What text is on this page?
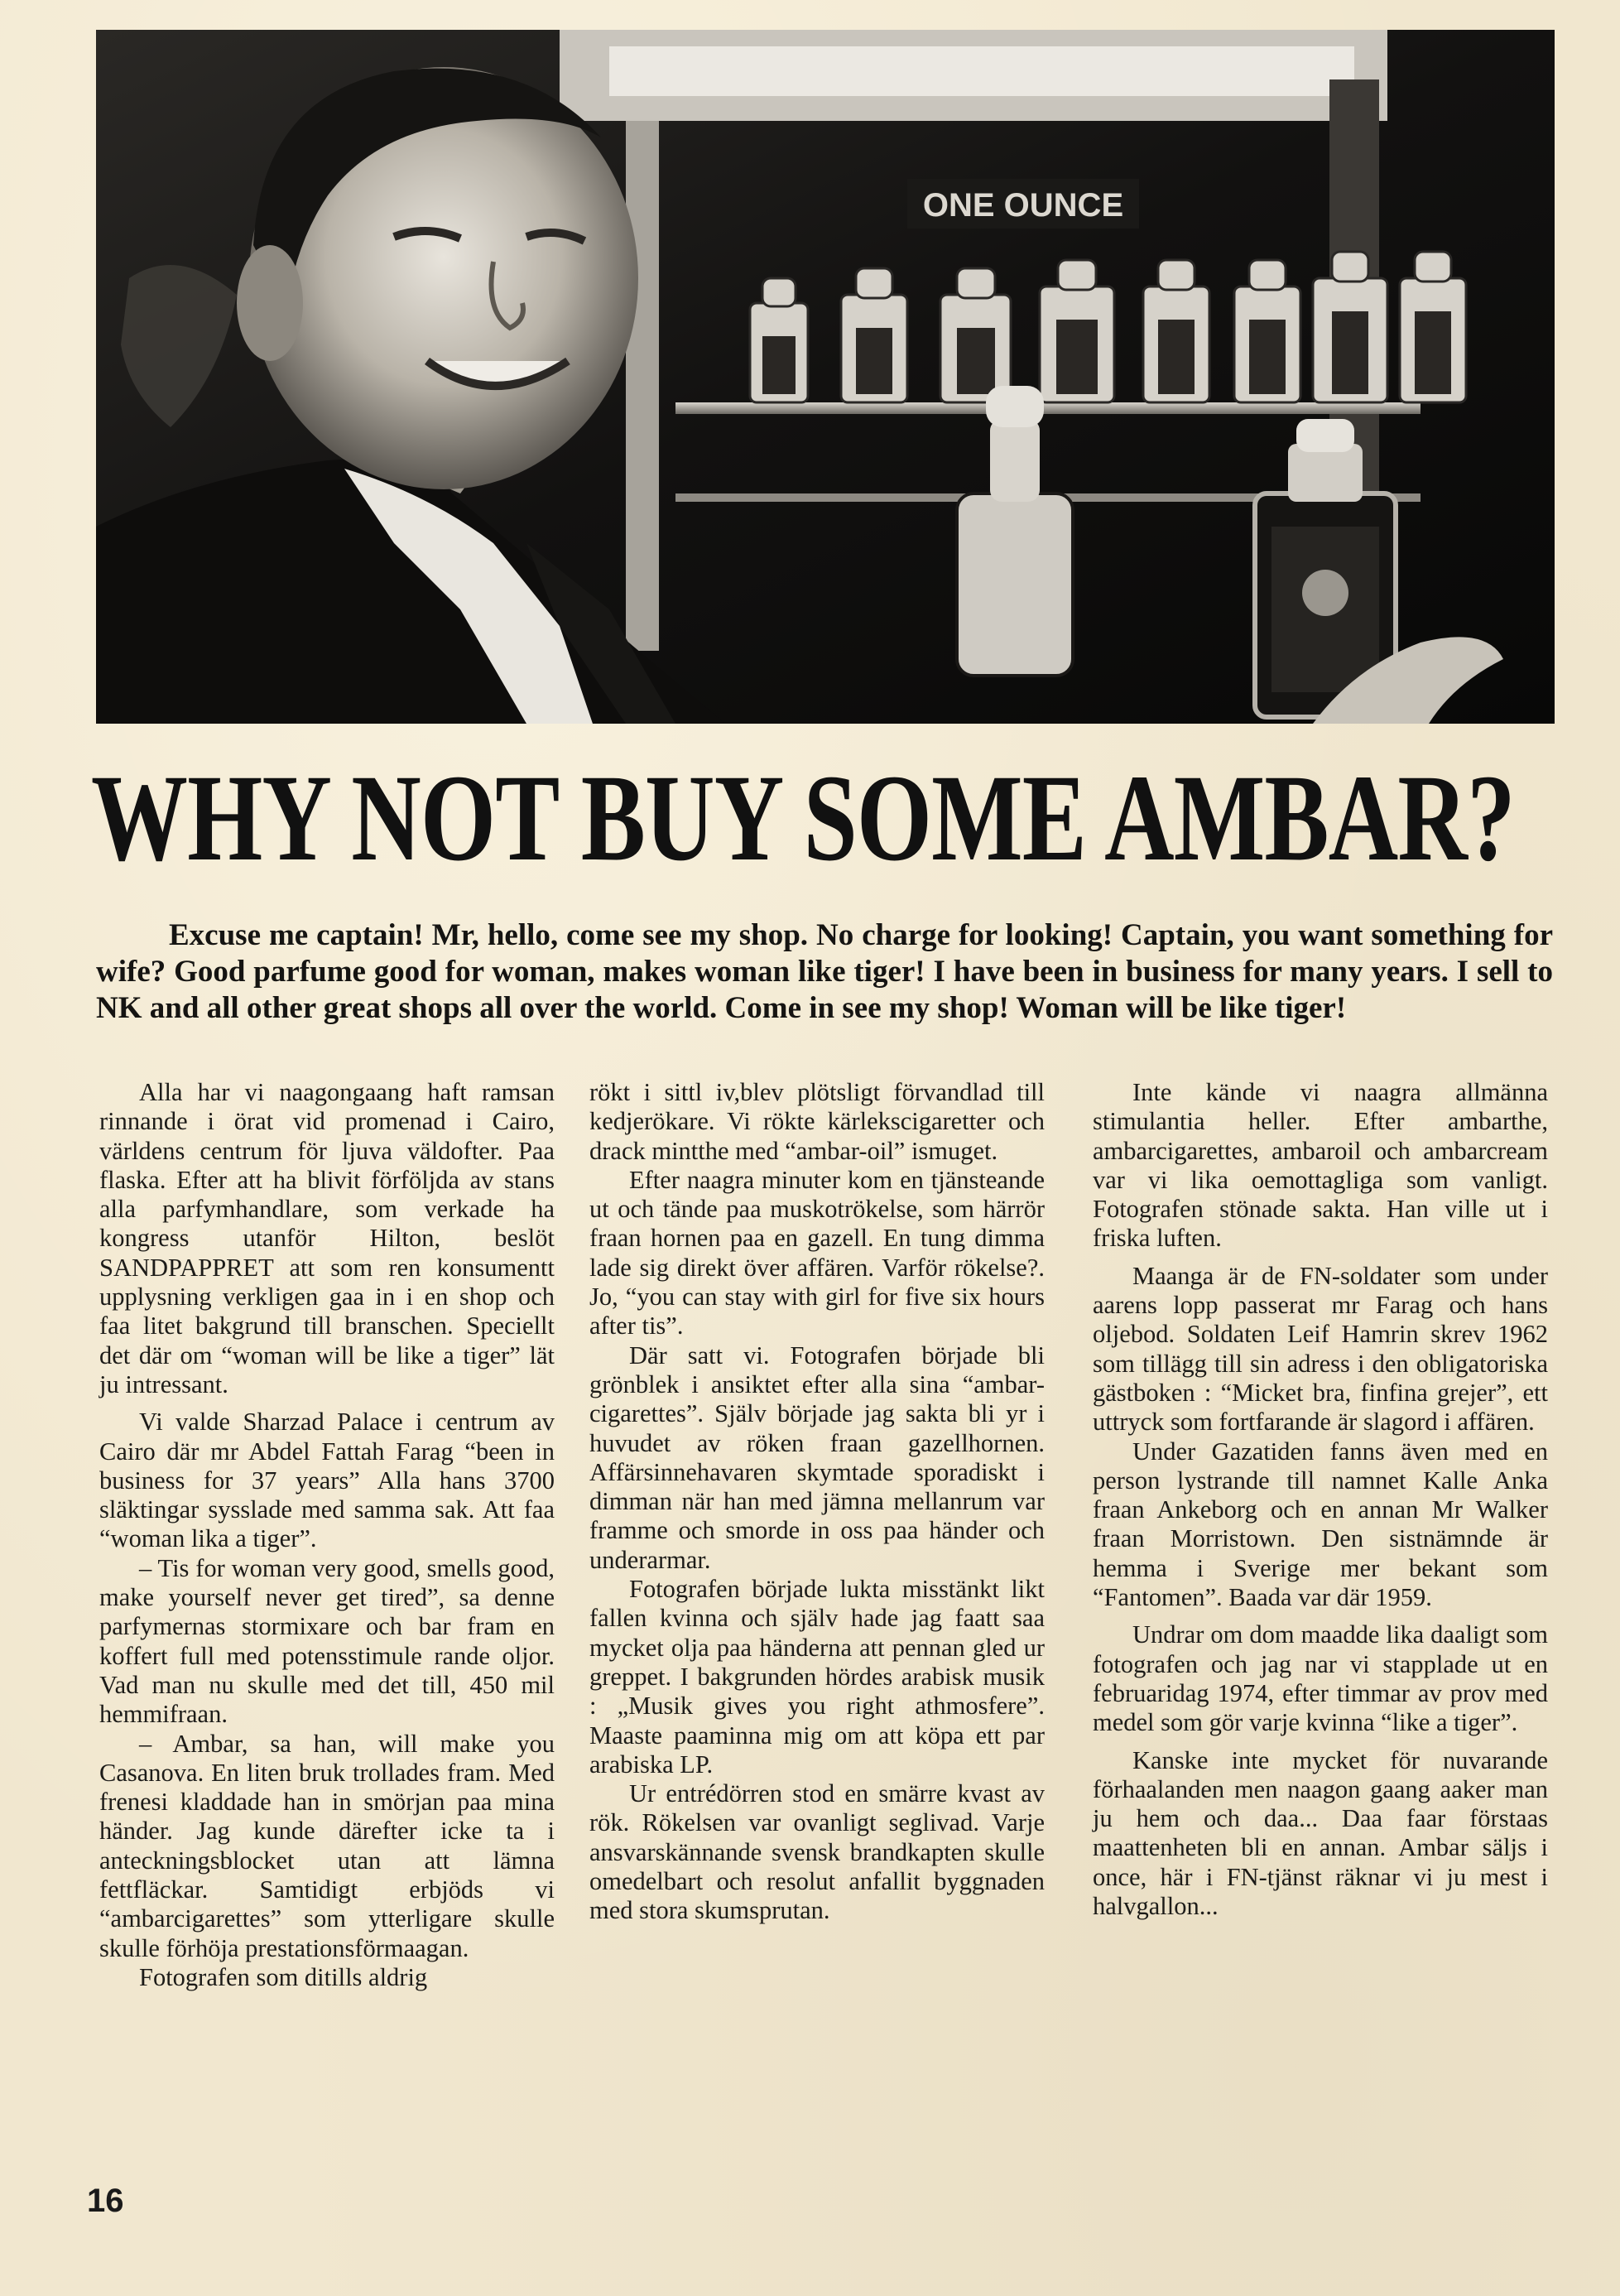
ONE OUNCE
WHY NOT BUY SOME AMBAR?

Excuse me captain! Mr, hello, come see my shop. No charge for looking! Captain, you want something for wife? Good parfume good for woman, makes woman like tiger! I have been in business for many years. I sell to NK and all other great shops all over the world. Come in see my shop! Woman will be like tiger!

Alla har vi naagongaang haft ramsan rinnande i örat vid promenad i Cairo, världens centrum för ljuva väldofter. Paa flaska. Efter att ha blivit förföljda av stans alla parfymhandlare, som verkade ha kongress utanför Hilton, beslöt SANDPAPPRET att som ren konsumentt upplysning verkligen gaa in i en shop och faa litet bakgrund till branschen. Speciellt det där om “woman will be like a tiger” lät ju intressant.

Vi valde Sharzad Palace i centrum av Cairo där mr Abdel Fattah Farag “been in business for 37 years” Alla hans 3700 släktingar sysslade med samma sak. Att faa “woman lika a tiger”.

– Tis for woman very good, smells good, make yourself never get tired”, sa denne parfymernas stormixare och bar fram en koffert full med potensstimule rande oljor. Vad man nu skulle med det till, 450 mil hemmifraan.

– Ambar, sa han, will make you Casanova. En liten bruk trollades fram. Med frenesi kladdade han in smörjan paa mina händer. Jag kunde därefter icke ta i anteckningsblocket utan att lämna fettfläckar. Samtidigt erbjöds vi “ambarcigarettes” som ytterligare skulle skulle förhöja prestationsförmaagan.

Fotografen som ditills aldrig

rökt i sittl iv,blev plötsligt förvandlad till kedjerökare. Vi rökte kärlekscigaretter och drack mintthe med “ambar-oil” ismuget.

Efter naagra minuter kom en tjänsteande ut och tände paa muskotrökelse, som härrör fraan hornen paa en gazell. En tung dimma lade sig direkt över affären. Varför rökelse?. Jo, “you can stay with girl for five six hours after tis”.

Där satt vi. Fotografen började bli grönblek i ansiktet efter alla sina “ambar-cigarettes”. Själv började jag sakta bli yr i huvudet av röken fraan gazellhornen. Affärsinnehavaren skymtade sporadiskt i dimman när han med jämna mellanrum var framme och smorde in oss paa händer och underarmar.

Fotografen började lukta misstänkt likt fallen kvinna och själv hade jag faatt saa mycket olja paa händerna att pennan gled ur greppet. I bakgrunden hördes arabisk musik : „Musik gives you right athmosfere”. Maaste paaminna mig om att köpa ett par arabiska LP.

Ur entrédörren stod en smärre kvast av rök. Rökelsen var ovanligt seglivad. Varje ansvarskännande svensk brandkapten skulle omedelbart och resolut anfallit byggnaden med stora skumsprutan.

Inte kände vi naagra allmänna stimulantia heller. Efter ambarthe, ambarcigarettes, ambaroil och ambarcream var vi lika oemottagliga som vanligt. Fotografen stönade sakta. Han ville ut i friska luften.

Maanga är de FN-soldater som under aarens lopp passerat mr Farag och hans oljebod. Soldaten Leif Hamrin skrev 1962 som tillägg till sin adress i den obligatoriska gästboken : “Micket bra, finfina grejer”, ett uttryck som fortfarande är slagord i affären.

Under Gazatiden fanns även med en person lystrande till namnet Kalle Anka fraan Ankeborg och en annan Mr Walker fraan Morristown. Den sistnämnde är hemma i Sverige mer bekant som “Fantomen”. Baada var där 1959.

Undrar om dom maadde lika daaligt som fotografen och jag nar vi stapplade ut en februaridag 1974, efter timmar av prov med medel som gör varje kvinna “like a tiger”.

Kanske inte mycket för nuvarande förhaalanden men naagon gaang aaker man ju hem och daa... Daa faar förstaas maattenheten bli en annan. Ambar säljs i once, här i FN-tjänst räknar vi ju mest i halvgallon...

16
